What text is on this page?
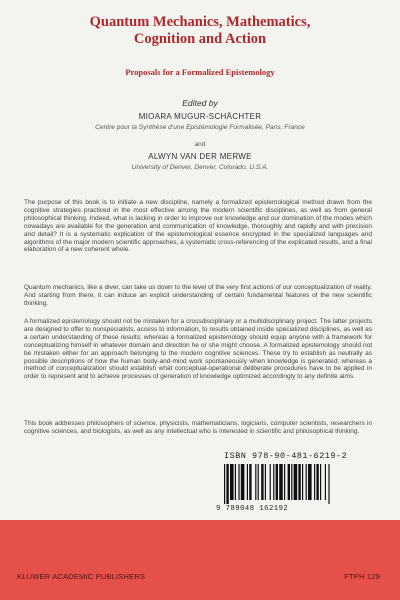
Quantum Mechanics, Mathematics,
Cognition and Action
Proposals for a Formalized Epistemology
Edited by
MIOARA MUGUR-SCHÄCHTER
Centre pour la Synthèse d’une Epistémologie Formalisée, Paris, France
and
ALWYN VAN DER MERWE
University of Denver, Denver, Colorado, U.S.A.
The purpose of this book is to initiate a new discipline, namely a formalized epistemological method drawn from the cognitive strategies practiced in the most effective among the modern scientific disciplines, as well as from general philosophical thinking. Indeed, what is lacking in order to improve our knowledge and our domination of the modes which nowadays are available for the generation and communication of knowledge, thoroughly and rapidly and with precision and detail? It is a systematic explication of the epistemological essence encrypted in the specialized languages and algorithms of the major modern scientific approaches, a systematic cross-referencing of the explicated results, and a final elaboration of a new coherent whole.
Quantum mechanics, like a diver, can take us down to the level of the very first actions of our conceptualization of reality. And starting from there, it can induce an explicit understanding of certain fundamental features of the new scientific thinking.
A formalized epistemology should not be mistaken for a crossdisciplinary or a multidisciplinary project. The latter projects are designed to offer to nonspecialists, access to information, to results obtained inside specialized disciplines, as well as a certain understanding of these results; whereas a formalized epistemology should equip anyone with a framework for conceptualizing himself in whatever domain and direction he or she might choose. A formalized epistemology should not be mistaken either for an approach belonging to the modern cognitive sciences. These try to establish as neutrally as possible descriptions of how the human body-and-mind work spontaneously when knowledge is generated; whereas a method of conceptualization should establish what conceptual-operational deliberate procedures have to be applied in order to represent and to achieve processes of generation of knowledge optimized accordingly to any definite aims.
This book addresses philosophers of science, physicists, mathematicians, logicians, computer scientists, researchers in cognitive sciences, and biologists, as well as any intellectual who is interested in scientific and philosophical thinking.
ISBN 978-90-481-6219-2
9 789048 162192
KLUWER ACADEMIC PUBLISHERS	FTPH 129
